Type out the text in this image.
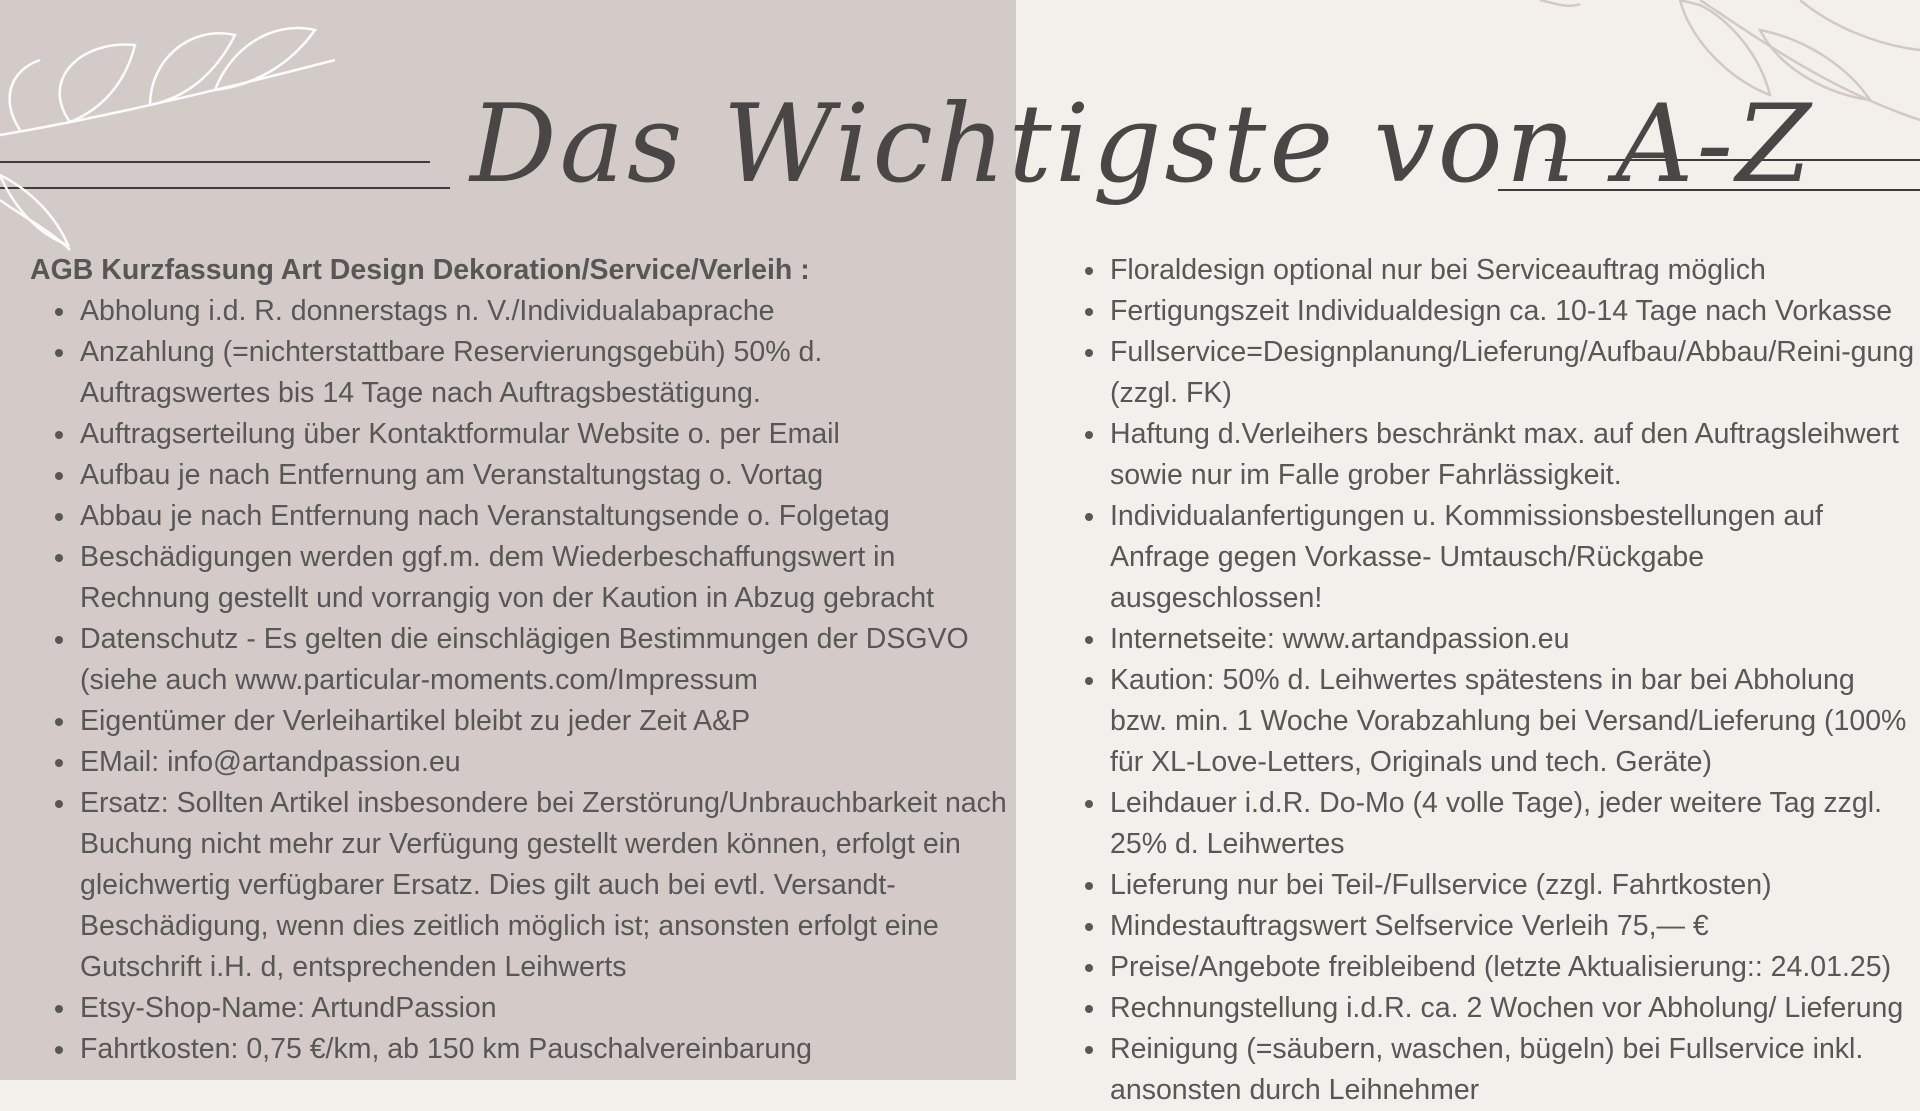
Das Wichtigste von A-Z

AGB Kurzfassung Art Design Dekoration/Service/Verleih :

Abholung i.d. R. donnerstags n. V./Individualabaprache
Anzahlung (=nichterstattbare Reservierungsgebüh) 50% d. Auftragswertes bis 14 Tage nach Auftragsbestätigung.
Auftragserteilung über Kontaktformular Website o. per Email
Aufbau je nach Entfernung am Veranstaltungstag o. Vortag
Abbau je nach Entfernung nach Veranstaltungsende o. Folgetag
Beschädigungen werden ggf.m. dem Wiederbeschaffungswert in Rechnung gestellt und vorrangig von der Kaution in Abzug gebracht
Datenschutz - Es gelten die einschlägigen Bestimmungen der DSGVO (siehe auch www.particular-moments.com/Impressum
Eigentümer der Verleihartikel bleibt zu jeder Zeit A&P
EMail: info@artandpassion.eu
Ersatz: Sollten Artikel insbesondere bei Zerstörung/Unbrauchbarkeit nach Buchung nicht mehr zur Verfügung gestellt werden können, erfolgt ein gleichwertig verfügbarer Ersatz. Dies gilt auch bei evtl. Versandt-Beschädigung, wenn dies zeitlich möglich ist; ansonsten erfolgt eine Gutschrift i.H. d, entsprechenden Leihwerts
Etsy-Shop-Name: ArtundPassion
Fahrtkosten: 0,75 €/km, ab 150 km Pauschalvereinbarung
Floraldesign optional nur bei Serviceauftrag möglich
Fertigungszeit Individualdesign ca. 10-14 Tage nach Vorkasse
Fullservice=Designplanung/Lieferung/Aufbau/Abbau/Reini-gung (zzgl. FK)
Haftung d.Verleihers beschränkt max. auf den Auftragsleihwert sowie nur im Falle grober Fahrlässigkeit.
Individualanfertigungen u. Kommissionsbestellungen auf Anfrage gegen Vorkasse- Umtausch/Rückgabe ausgeschlossen!
Internetseite: www.artandpassion.eu
Kaution: 50% d. Leihwertes spätestens in bar bei Abholung bzw. min. 1 Woche Vorabzahlung bei Versand/Lieferung (100% für XL-Love-Letters, Originals und tech. Geräte)
Leihdauer i.d.R. Do-Mo (4 volle Tage), jeder weitere Tag zzgl. 25% d. Leihwertes
Lieferung nur bei Teil-/Fullservice (zzgl. Fahrtkosten)
Mindestauftragswert Selfservice Verleih 75,— €
Preise/Angebote freibleibend (letzte Aktualisierung:: 24.01.25)
Rechnungstellung i.d.R. ca. 2 Wochen vor Abholung/ Lieferung
Reinigung (=säubern, waschen, bügeln) bei Fullservice inkl. ansonsten durch Leihnehmer
